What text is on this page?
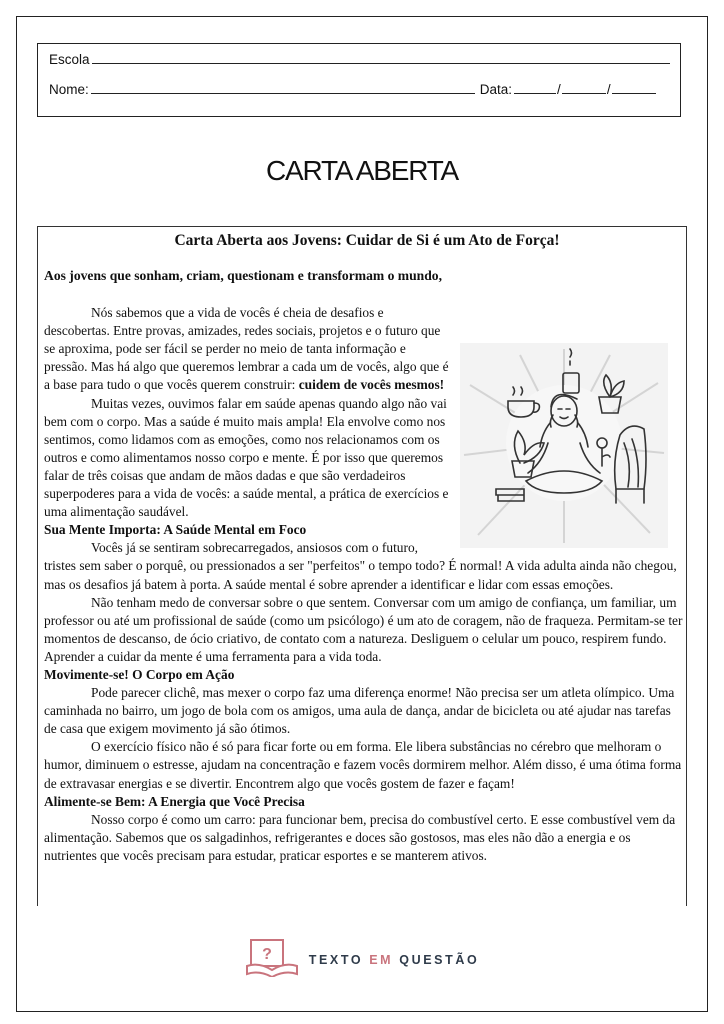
Escola
Nome:	Data:	/	/
CARTA ABERTA
Carta Aberta aos Jovens: Cuidar de Si é um Ato de Força!
Aos jovens que sonham, criam, questionam e transformam o mundo,

Nós sabemos que a vida de vocês é cheia de desafios e descobertas. Entre provas, amizades, redes sociais, projetos e o futuro que se aproxima, pode ser fácil se perder no meio de tanta informação e pressão. Mas há algo que queremos lembrar a cada um de vocês, algo que é a base para tudo o que vocês querem construir: cuidem de vocês mesmos!

Muitas vezes, ouvimos falar em saúde apenas quando algo não vai bem com o corpo. Mas a saúde é muito mais ampla! Ela envolve como nos sentimos, como lidamos com as emoções, como nos relacionamos com os outros e como alimentamos nosso corpo e mente. É por isso que queremos falar de três coisas que andam de mãos dadas e que são verdadeiros superpoderes para a vida de vocês: a saúde mental, a prática de exercícios e uma alimentação saudável.

Sua Mente Importa: A Saúde Mental em Foco

Vocês já se sentiram sobrecarregados, ansiosos com o futuro, tristes sem saber o porquê, ou pressionados a ser "perfeitos" o tempo todo? É normal! A vida adulta ainda não chegou, mas os desafios já batem à porta. A saúde mental é sobre aprender a identificar e lidar com essas emoções.

Não tenham medo de conversar sobre o que sentem. Conversar com um amigo de confiança, um familiar, um professor ou até um profissional de saúde (como um psicólogo) é um ato de coragem, não de fraqueza. Permitam-se ter momentos de descanso, de ócio criativo, de contato com a natureza. Desliguem o celular um pouco, respirem fundo. Aprender a cuidar da mente é uma ferramenta para a vida toda.

Movimente-se! O Corpo em Ação

Pode parecer clichê, mas mexer o corpo faz uma diferença enorme! Não precisa ser um atleta olímpico. Uma caminhada no bairro, um jogo de bola com os amigos, uma aula de dança, andar de bicicleta ou até ajudar nas tarefas de casa que exigem movimento já são ótimos.

O exercício físico não é só para ficar forte ou em forma. Ele libera substâncias no cérebro que melhoram o humor, diminuem o estresse, ajudam na concentração e fazem vocês dormirem melhor. Além disso, é uma ótima forma de extravasar energias e se divertir. Encontrem algo que vocês gostem de fazer e façam!

Alimente-se Bem: A Energia que Você Precisa

Nosso corpo é como um carro: para funcionar bem, precisa do combustível certo. E esse combustível vem da alimentação. Sabemos que os salgadinhos, refrigerantes e doces são gostosos, mas eles não dão a energia e os nutrientes que vocês precisam para estudar, praticar esportes e se manterem ativos.

?	TEXTO EM QUESTÃO
